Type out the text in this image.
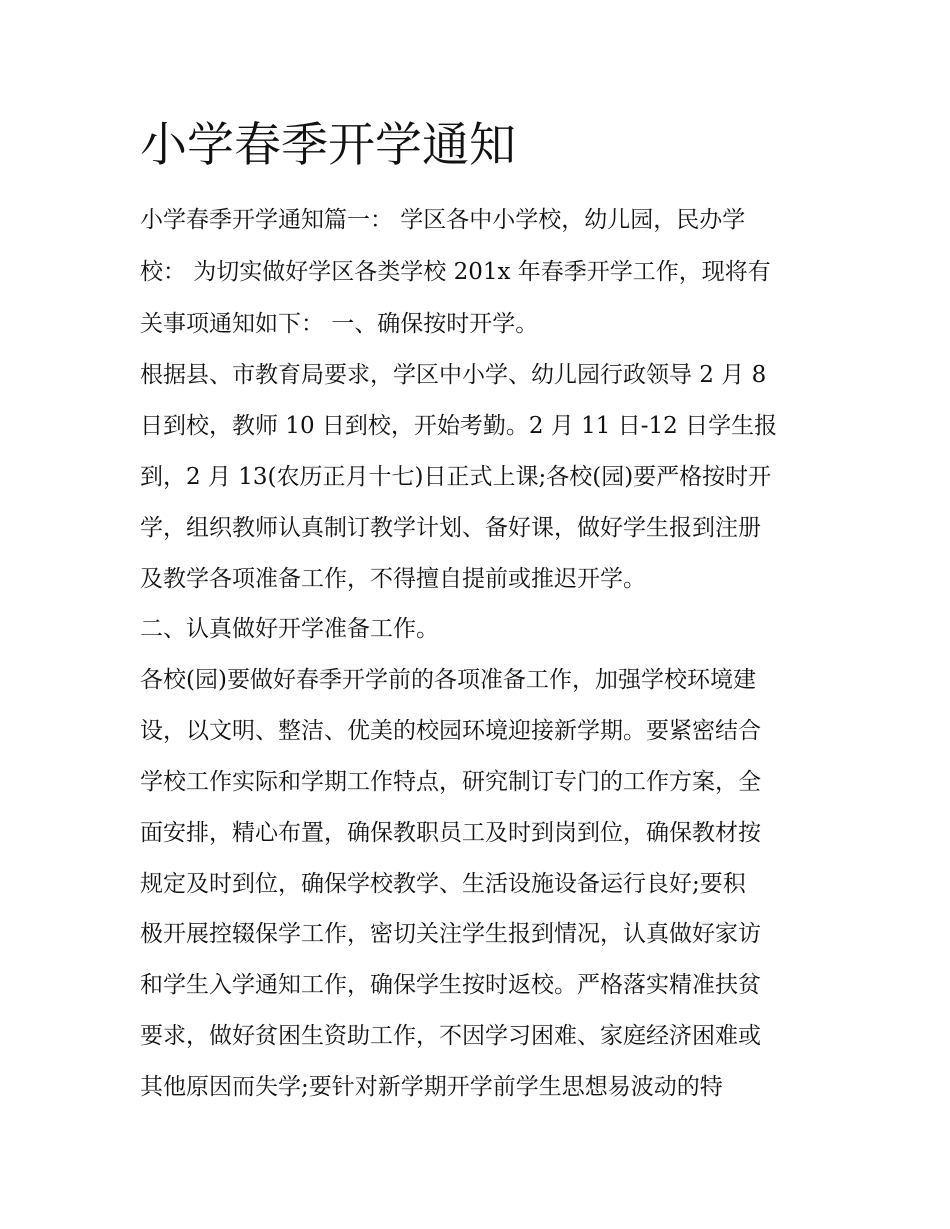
小学春季开学通知

小学春季开学通知篇一： 学区各中小学校，幼儿园，民办学

校： 为切实做好学区各类学校 201x 年春季开学工作，现将有

关事项通知如下： 一、确保按时开学。

根据县、市教育局要求，学区中小学、幼儿园行政领导 2 月 8

日到校，教师 10 日到校，开始考勤。2 月 11 日-12 日学生报

到，2 月 13(农历正月十七)日正式上课;各校(园)要严格按时开

学，组织教师认真制订教学计划、备好课，做好学生报到注册

及教学各项准备工作，不得擅自提前或推迟开学。

二、认真做好开学准备工作。

各校(园)要做好春季开学前的各项准备工作，加强学校环境建

设，以文明、整洁、优美的校园环境迎接新学期。要紧密结合

学校工作实际和学期工作特点，研究制订专门的工作方案，全

面安排，精心布置，确保教职员工及时到岗到位，确保教材按

规定及时到位，确保学校教学、生活设施设备运行良好;要积

极开展控辍保学工作，密切关注学生报到情况，认真做好家访

和学生入学通知工作，确保学生按时返校。严格落实精准扶贫

要求，做好贫困生资助工作，不因学习困难、家庭经济困难或

其他原因而失学;要针对新学期开学前学生思想易波动的特
